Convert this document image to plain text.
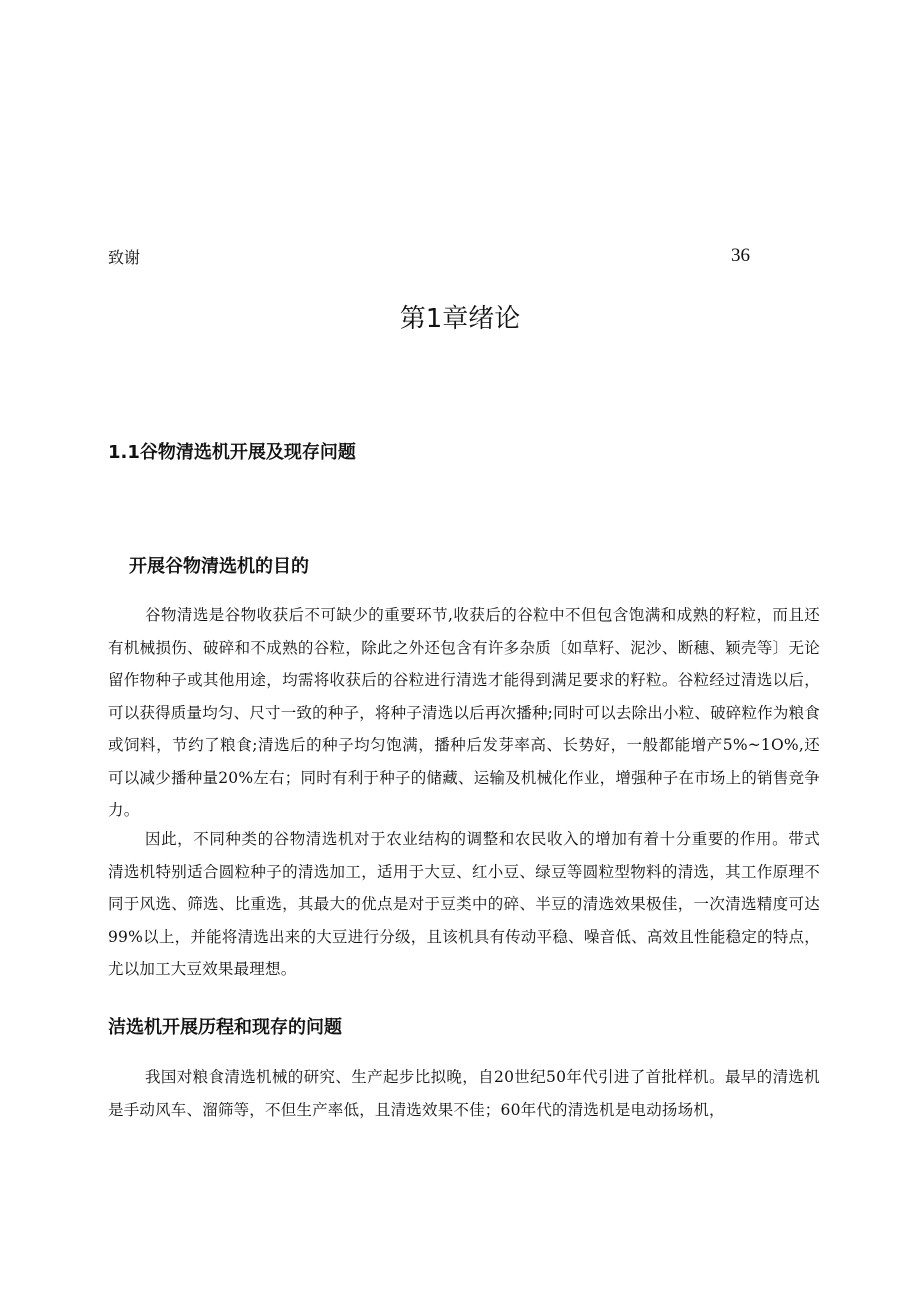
致谢	36
第1章绪论
1.1谷物清选机开展及现存问题
开展谷物清选机的目的

谷物清选是谷物收获后不可缺少的重要环节,收获后的谷粒中不但包含饱满和成熟的籽粒，而且还有机械损伤、破碎和不成熟的谷粒，除此之外还包含有许多杂质〔如草籽、泥沙、断穗、颖壳等〕无论留作物种子或其他用途，均需将收获后的谷粒进行清选才能得到满足要求的籽粒。谷粒经过清选以后，可以获得质量均匀、尺寸一致的种子，将种子清选以后再次播种;同时可以去除出小粒、破碎粒作为粮食或饲料，节约了粮食;清选后的种子均匀饱满，播种后发芽率高、长势好，一般都能增产5%~1O%,还可以减少播种量20%左右；同时有利于种子的储藏、运输及机械化作业，增强种子在市场上的销售竞争力。

因此，不同种类的谷物清选机对于农业结构的调整和农民收入的增加有着十分重要的作用。带式清选机特别适合圆粒种子的清选加工，适用于大豆、红小豆、绿豆等圆粒型物料的清选，其工作原理不同于风选、筛选、比重选，其最大的优点是对于豆类中的碎、半豆的清选效果极佳，一次清选精度可达99%以上，并能将清选出来的大豆进行分级，且该机具有传动平稳、噪音低、高效且性能稳定的特点，尤以加工大豆效果最理想。

洁选机开展历程和现存的问题

我国对粮食清选机械的研究、生产起步比拟晚，自20世纪50年代引进了首批样机。最早的清选机是手动风车、溜筛等，不但生产率低，且清选效果不佳；60年代的清选机是电动扬场机，
